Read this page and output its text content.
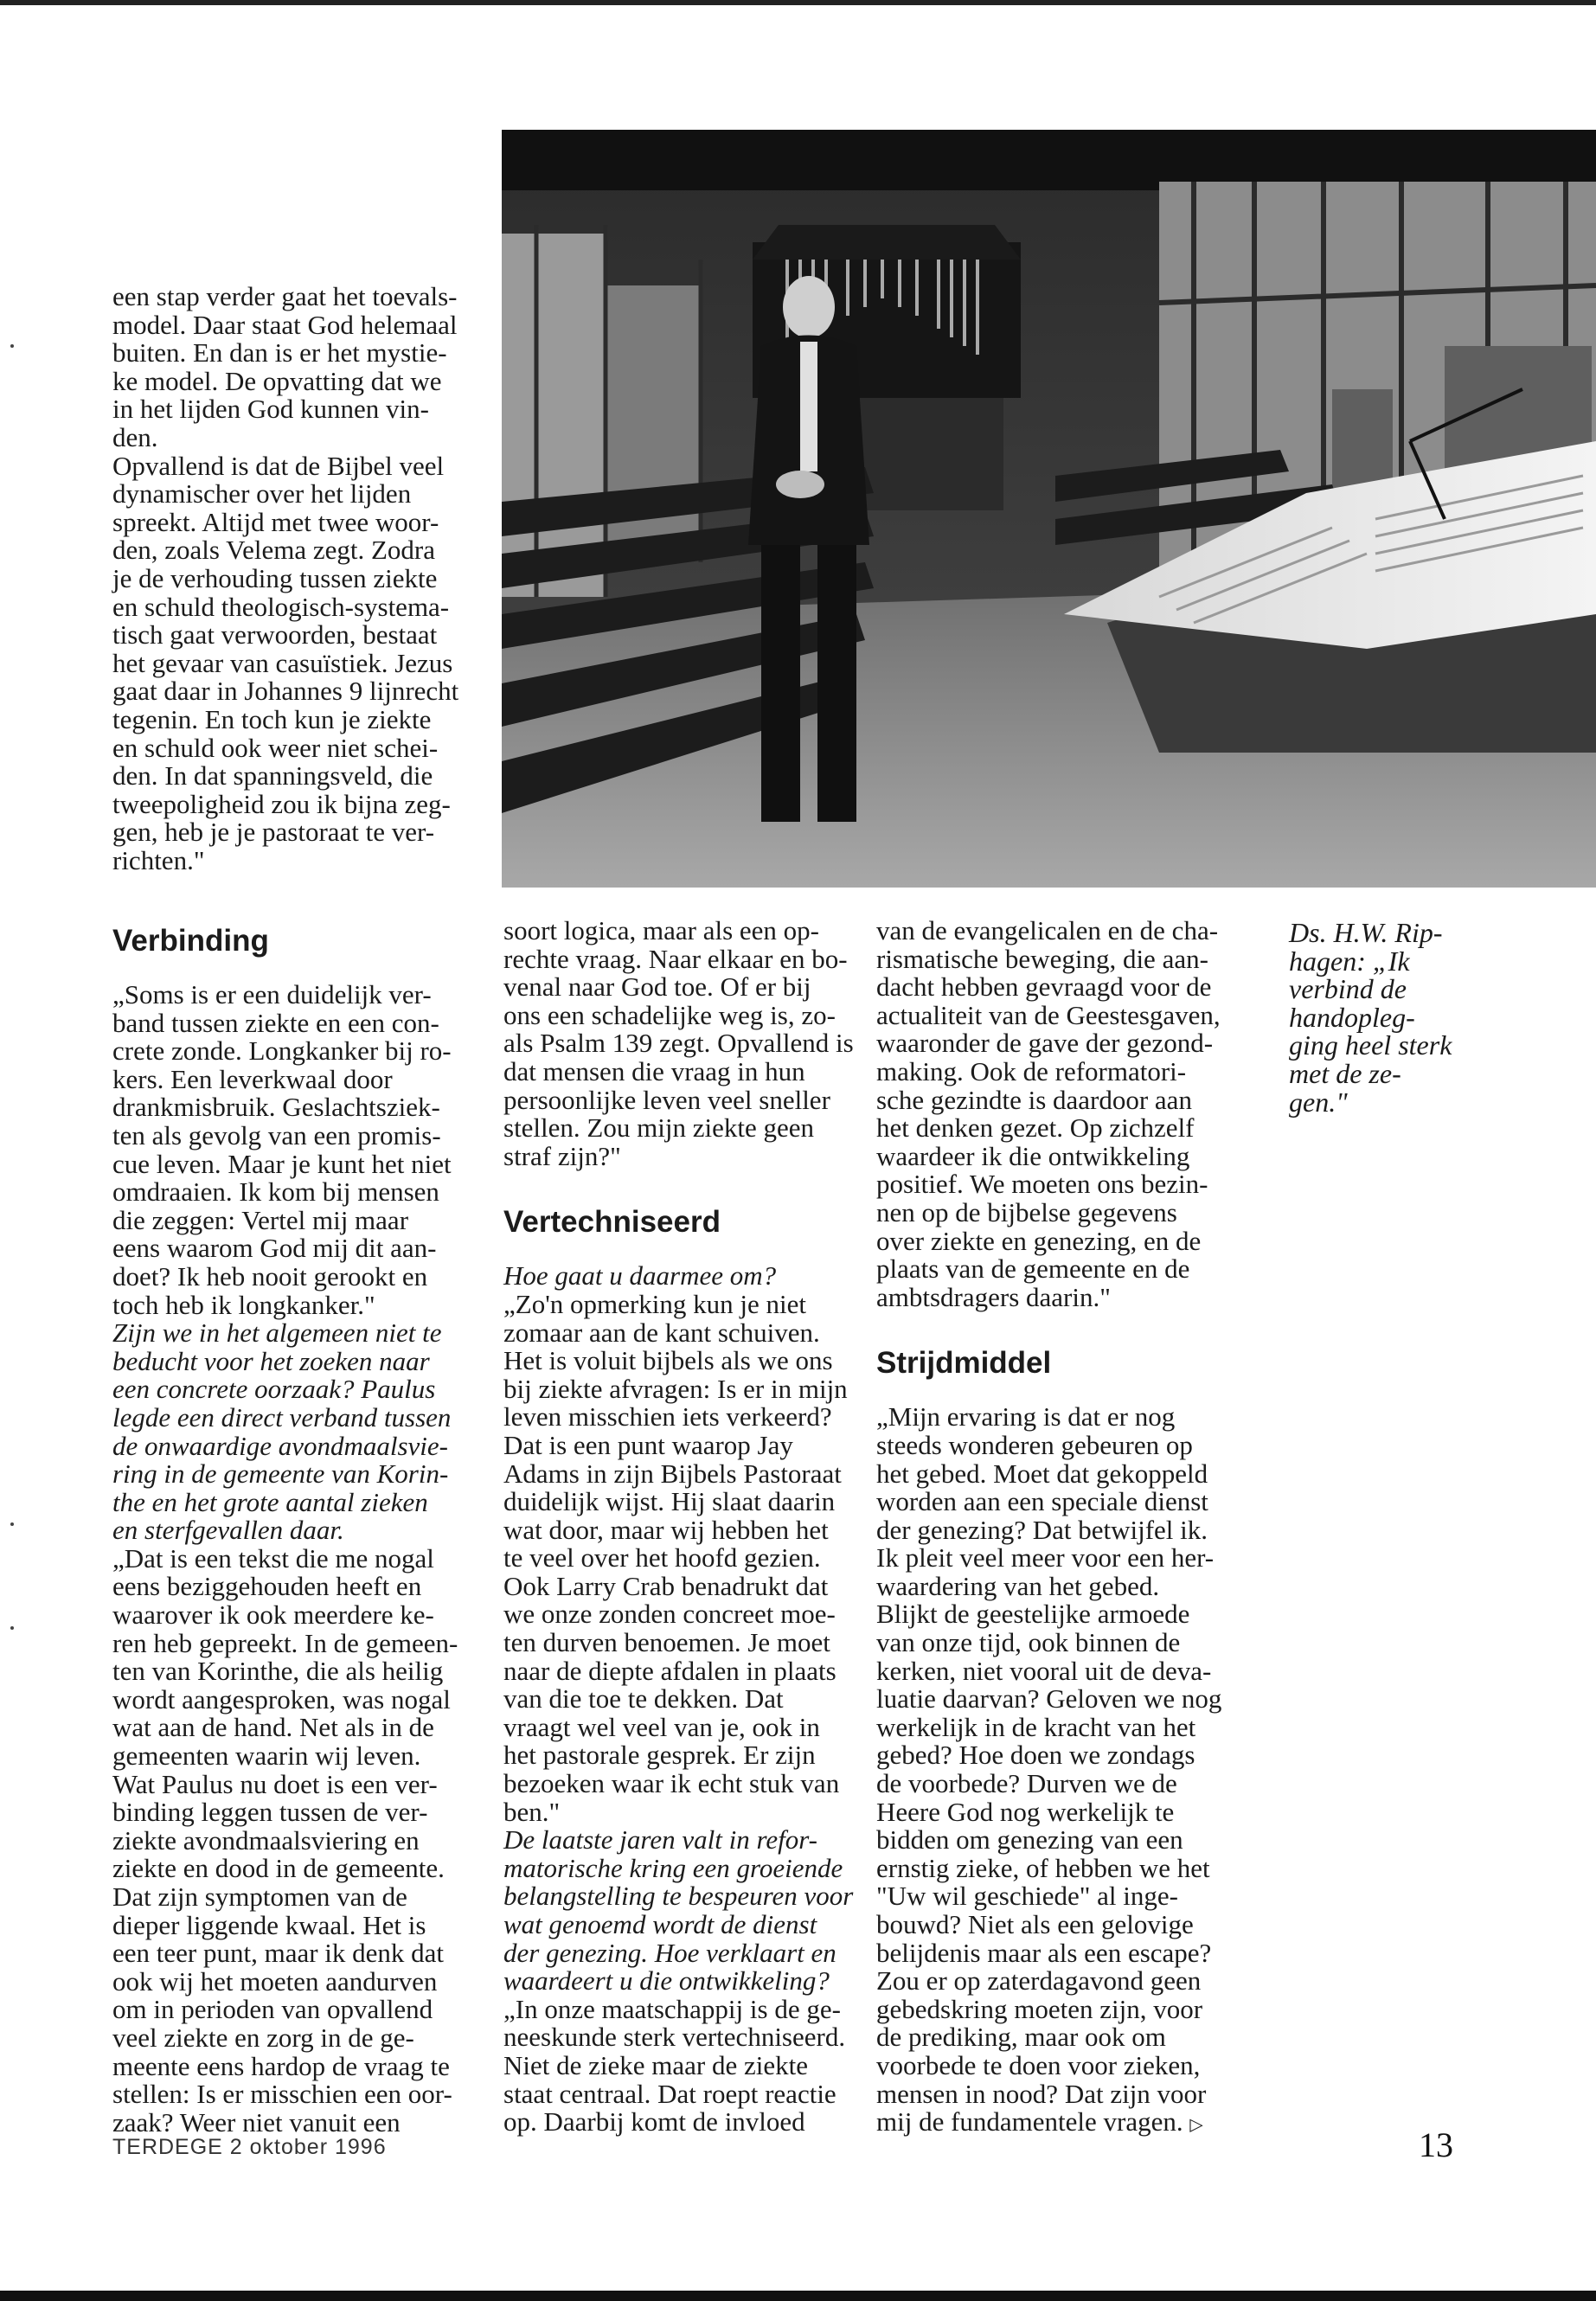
een stap verder gaat het toevals-

model. Daar staat God helemaal

buiten. En dan is er het mystie-

ke model. De opvatting dat we

in het lijden God kunnen vin-

den.

Opvallend is dat de Bijbel veel

dynamischer over het lijden

spreekt. Altijd met twee woor-

den, zoals Velema zegt. Zodra

je de verhouding tussen ziekte

en schuld theologisch-systema-

tisch gaat verwoorden, bestaat

het gevaar van casuïstiek. Jezus

gaat daar in Johannes 9 lijnrecht

tegenin. En toch kun je ziekte

en schuld ook weer niet schei-

den. In dat spanningsveld, die

tweepoligheid zou ik bijna zeg-

gen, heb je je pastoraat te ver-

richten."

Verbinding

„Soms is er een duidelijk ver-

band tussen ziekte en een con-

crete zonde. Longkanker bij ro-

kers. Een leverkwaal door

drankmisbruik. Geslachtsziek-

ten als gevolg van een promis-

cue leven. Maar je kunt het niet

omdraaien. Ik kom bij mensen

die zeggen: Vertel mij maar

eens waarom God mij dit aan-

doet? Ik heb nooit gerookt en

toch heb ik longkanker."

Zijn we in het algemeen niet te

beducht voor het zoeken naar

een concrete oorzaak? Paulus

legde een direct verband tussen

de onwaardige avondmaalsvie-

ring in de gemeente van Korin-

the en het grote aantal zieken

en sterfgevallen daar.

„Dat is een tekst die me nogal

eens beziggehouden heeft en

waarover ik ook meerdere ke-

ren heb gepreekt. In de gemeen-

ten van Korinthe, die als heilig

wordt aangesproken, was nogal

wat aan de hand. Net als in de

gemeenten waarin wij leven.

Wat Paulus nu doet is een ver-

binding leggen tussen de ver-

ziekte avondmaalsviering en

ziekte en dood in de gemeente.

Dat zijn symptomen van de

dieper liggende kwaal. Het is

een teer punt, maar ik denk dat

ook wij het moeten aandurven

om in perioden van opvallend

veel ziekte en zorg in de ge-

meente eens hardop de vraag te

stellen: Is er misschien een oor-

zaak? Weer niet vanuit een

soort logica, maar als een op-

rechte vraag. Naar elkaar en bo-

venal naar God toe. Of er bij

ons een schadelijke weg is, zo-

als Psalm 139 zegt. Opvallend is

dat mensen die vraag in hun

persoonlijke leven veel sneller

stellen. Zou mijn ziekte geen

straf zijn?"

Vertechniseerd

Hoe gaat u daarmee om?

„Zo'n opmerking kun je niet

zomaar aan de kant schuiven.

Het is voluit bijbels als we ons

bij ziekte afvragen: Is er in mijn

leven misschien iets verkeerd?

Dat is een punt waarop Jay

Adams in zijn Bijbels Pastoraat

duidelijk wijst. Hij slaat daarin

wat door, maar wij hebben het

te veel over het hoofd gezien.

Ook Larry Crab benadrukt dat

we onze zonden concreet moe-

ten durven benoemen. Je moet

naar de diepte afdalen in plaats

van die toe te dekken. Dat

vraagt wel veel van je, ook in

het pastorale gesprek. Er zijn

bezoeken waar ik echt stuk van

ben."

De laatste jaren valt in refor-

matorische kring een groeiende

belangstelling te bespeuren voor

wat genoemd wordt de dienst

der genezing. Hoe verklaart en

waardeert u die ontwikkeling?

„In onze maatschappij is de ge-

neeskunde sterk vertechniseerd.

Niet de zieke maar de ziekte

staat centraal. Dat roept reactie

op. Daarbij komt de invloed

van de evangelicalen en de cha-

rismatische beweging, die aan-

dacht hebben gevraagd voor de

actualiteit van de Geestesgaven,

waaronder de gave der gezond-

making. Ook de reformatori-

sche gezindte is daardoor aan

het denken gezet. Op zichzelf

waardeer ik die ontwikkeling

positief. We moeten ons bezin-

nen op de bijbelse gegevens

over ziekte en genezing, en de

plaats van de gemeente en de

ambtsdragers daarin."

Strijdmiddel

„Mijn ervaring is dat er nog

steeds wonderen gebeuren op

het gebed. Moet dat gekoppeld

worden aan een speciale dienst

der genezing? Dat betwijfel ik.

Ik pleit veel meer voor een her-

waardering van het gebed.

Blijkt de geestelijke armoede

van onze tijd, ook binnen de

kerken, niet vooral uit de deva-

luatie daarvan? Geloven we nog

werkelijk in de kracht van het

gebed? Hoe doen we zondags

de voorbede? Durven we de

Heere God nog werkelijk te

bidden om genezing van een

ernstig zieke, of hebben we het

"Uw wil geschiede" al inge-

bouwd? Niet als een gelovige

belijdenis maar als een escape?

Zou er op zaterdagavond geen

gebedskring moeten zijn, voor

de prediking, maar ook om

voorbede te doen voor zieken,

mensen in nood? Dat zijn voor

mij de fundamentele vragen. ▷

Ds. H.W. Rip-
hagen: „Ik
verbind de
handopleg-
ging heel sterk
met de ze-
gen."
TERDEGE 2 oktober 1996	13
